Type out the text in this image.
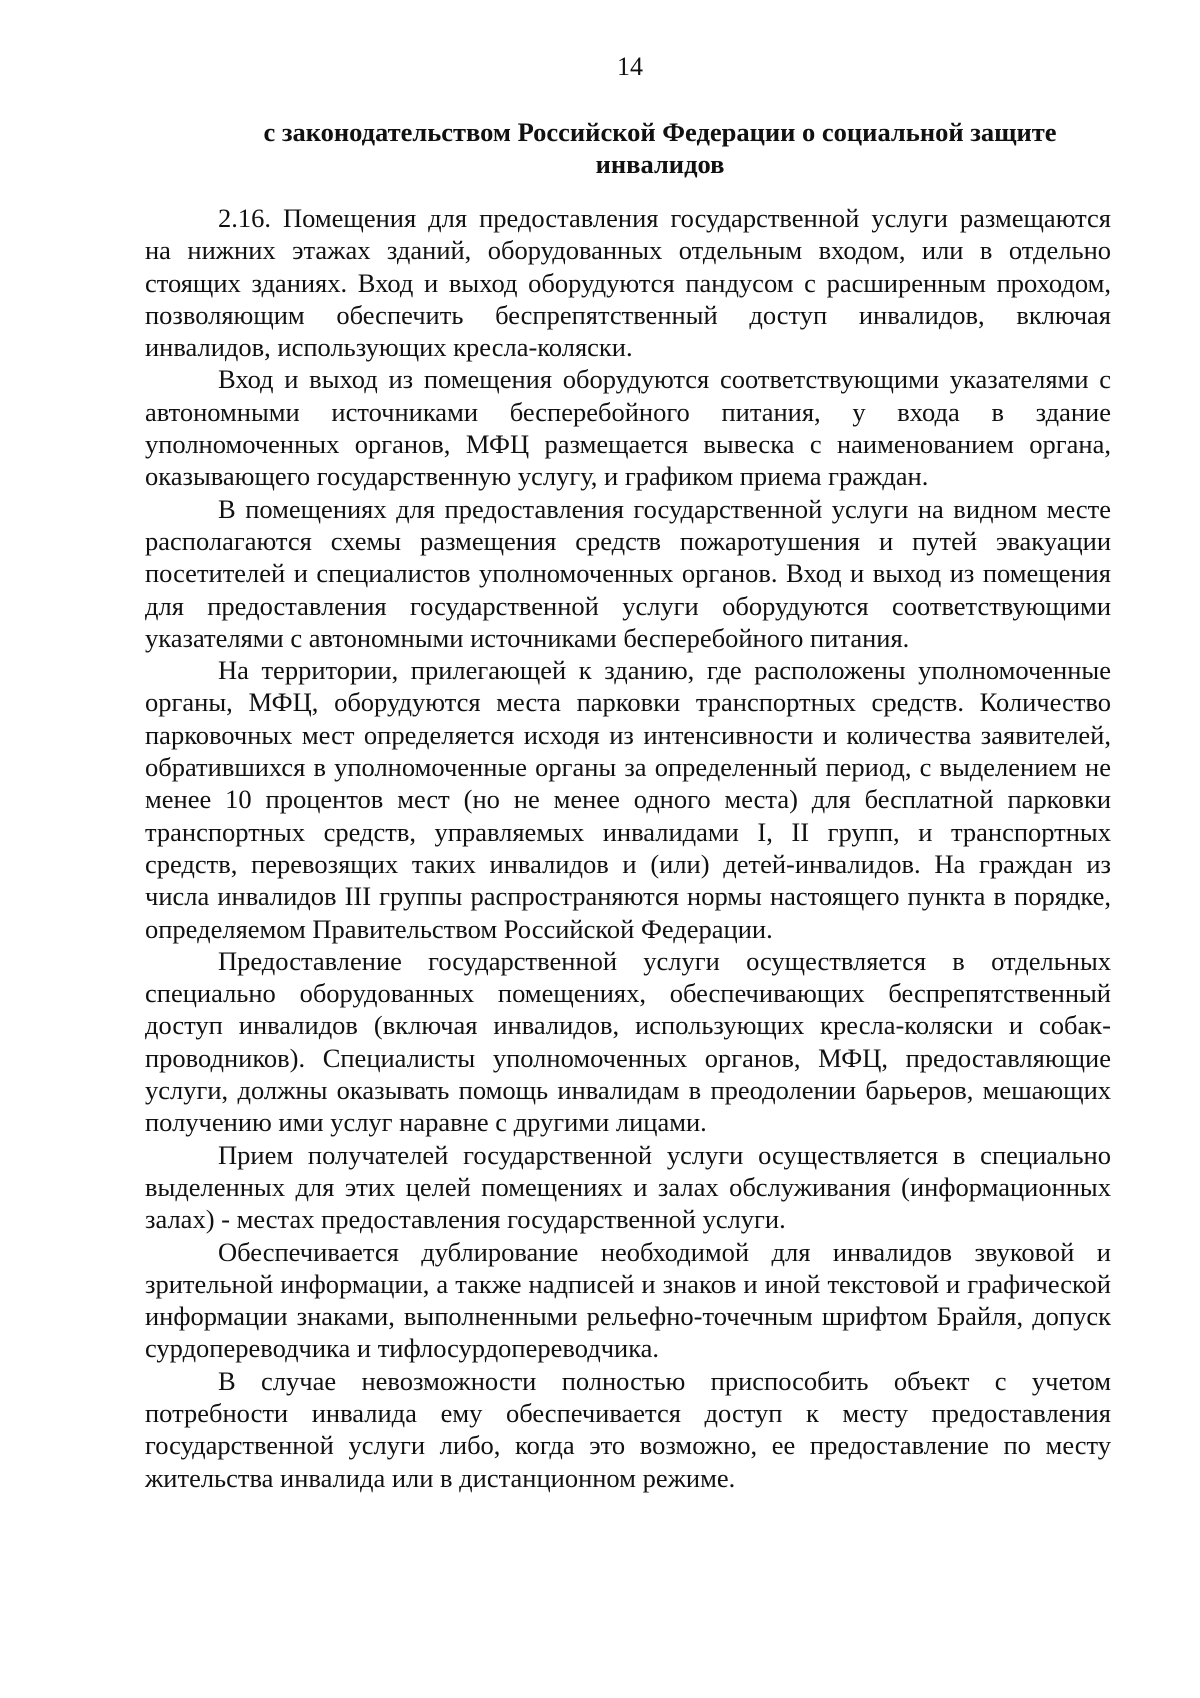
14
с законодательством Российской Федерации о социальной защите инвалидов

2.16. Помещения для предоставления государственной услуги размещаются на нижних этажах зданий, оборудованных отдельным входом, или в отдельно стоящих зданиях. Вход и выход оборудуются пандусом с расширенным проходом, позволяющим обеспечить беспрепятственный доступ инвалидов, включая инвалидов, использующих кресла-коляски.

Вход и выход из помещения оборудуются соответствующими указателями с автономными источниками бесперебойного питания, у входа в здание уполномоченных органов, МФЦ размещается вывеска с наименованием органа, оказывающего государственную услугу, и графиком приема граждан.

В помещениях для предоставления государственной услуги на видном месте располагаются схемы размещения средств пожаротушения и путей эвакуации посетителей и специалистов уполномоченных органов. Вход и выход из помещения для предоставления государственной услуги оборудуются соответствующими указателями с автономными источниками бесперебойного питания.

На территории, прилегающей к зданию, где расположены уполномоченные органы, МФЦ, оборудуются места парковки транспортных средств. Количество парковочных мест определяется исходя из интенсивности и количества заявителей, обратившихся в уполномоченные органы за определенный период, с выделением не менее 10 процентов мест (но не менее одного места) для бесплатной парковки транспортных средств, управляемых инвалидами I, II групп, и транспортных средств, перевозящих таких инвалидов и (или) детей-инвалидов. На граждан из числа инвалидов III группы распространяются нормы настоящего пункта в порядке, определяемом Правительством Российской Федерации.

Предоставление государственной услуги осуществляется в отдельных специально оборудованных помещениях, обеспечивающих беспрепятственный доступ инвалидов (включая инвалидов, использующих кресла-коляски и собак-проводников). Специалисты уполномоченных органов, МФЦ, предоставляющие услуги, должны оказывать помощь инвалидам в преодолении барьеров, мешающих получению ими услуг наравне с другими лицами.

Прием получателей государственной услуги осуществляется в специально выделенных для этих целей помещениях и залах обслуживания (информационных залах) - местах предоставления государственной услуги.

Обеспечивается дублирование необходимой для инвалидов звуковой и зрительной информации, а также надписей и знаков и иной текстовой и графической информации знаками, выполненными рельефно-точечным шрифтом Брайля, допуск сурдопереводчика и тифлосурдопереводчика.

В случае невозможности полностью приспособить объект с учетом потребности инвалида ему обеспечивается доступ к месту предоставления государственной услуги либо, когда это возможно, ее предоставление по месту жительства инвалида или в дистанционном режиме.
